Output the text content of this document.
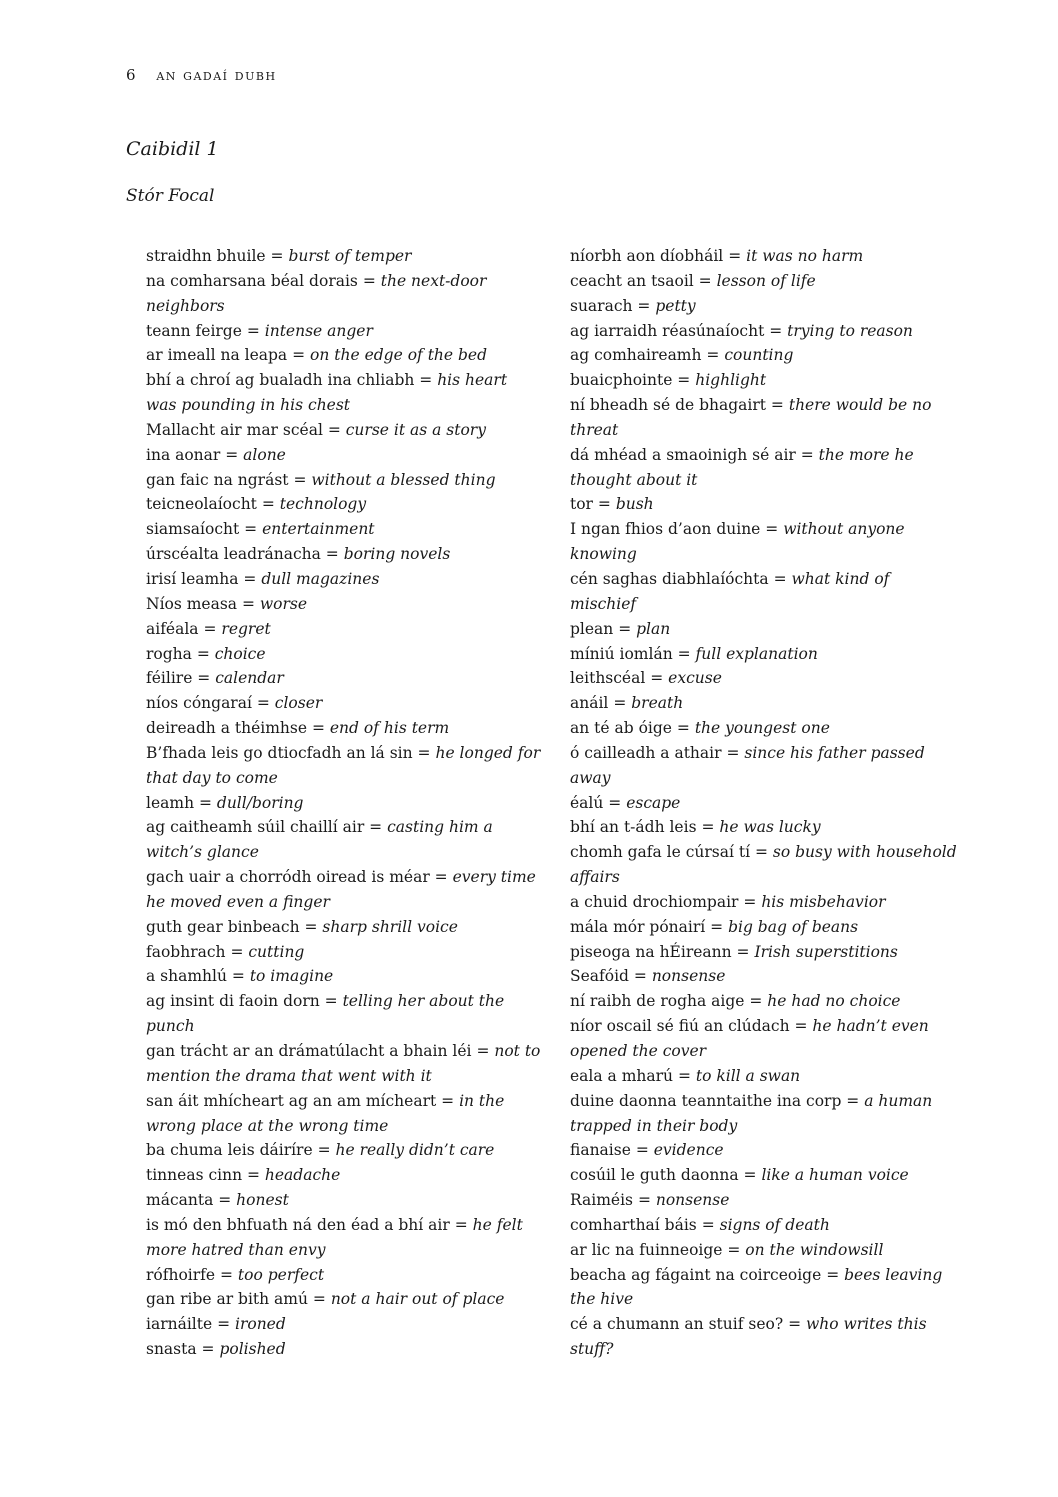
6 an gadaí dubh
Caibidil 1
Stór Focal

straidhn bhuile = burst of temper

na comharsana béal dorais = the next-door neighbors

teann feirge = intense anger

ar imeall na leapa = on the edge of the bed

bhí a chroí ag bualadh ina chliabh = his heart was pounding in his chest

Mallacht air mar scéal = curse it as a story

ina aonar = alone

gan faic na ngrást = without a blessed thing

teicneolaíocht = technology

siamsaíocht = entertainment

úrscéalta leadránacha = boring novels

irisí leamha = dull magazines

Níos measa = worse

aiféala = regret

rogha = choice

féilire = calendar

níos cóngaraí = closer

deireadh a théimhse = end of his term

B’fhada leis go dtiocfadh an lá sin = he longed for that day to come

leamh = dull/boring

ag caitheamh súil chaillí air = casting him a witch’s glance

gach uair a chorródh oiread is méar = every time he moved even a finger

guth gear binbeach = sharp shrill voice

faobhrach = cutting

a shamhlú = to imagine

ag insint di faoin dorn = telling her about the punch

gan trácht ar an drámatúlacht a bhain léi = not to mention the drama that went with it

san áit mhícheart ag an am mícheart = in the wrong place at the wrong time

ba chuma leis dáiríre = he really didn’t care

tinneas cinn = headache

mácanta = honest

is mó den bhfuath ná den éad a bhí air = he felt more hatred than envy

rófhoirfe = too perfect

gan ribe ar bith amú = not a hair out of place

iarnáilte = ironed

snasta = polished

níorbh aon díobháil = it was no harm

ceacht an tsaoil = lesson of life

suarach = petty

ag iarraidh réasúnaíocht = trying to reason

ag comhaireamh = counting

buaicphointe = highlight

ní bheadh sé de bhagairt = there would be no threat

dá mhéad a smaoinigh sé air = the more he thought about it

tor = bush

I ngan fhios d’aon duine = without anyone knowing

cén saghas diabhlaíóchta = what kind of mischief

plean = plan

míniú iomlán = full explanation

leithscéal = excuse

anáil = breath

an té ab óige = the youngest one

ó cailleadh a athair = since his father passed away

éalú = escape

bhí an t-ádh leis = he was lucky

chomh gafa le cúrsaí tí = so busy with household affairs

a chuid drochiompair = his misbehavior

mála mór pónairí = big bag of beans

piseoga na hÉireann = Irish superstitions

Seafóid = nonsense

ní raibh de rogha aige = he had no choice

níor oscail sé fiú an clúdach = he hadn’t even opened the cover

eala a mharú = to kill a swan

duine daonna teanntaithe ina corp = a human trapped in their body

fianaise = evidence

cosúil le guth daonna = like a human voice

Raiméis = nonsense

comharthaí báis = signs of death

ar lic na fuinneoige = on the windowsill

beacha ag fágaint na coirceoige = bees leaving the hive

cé a chumann an stuif seo? = who writes this stuff?
